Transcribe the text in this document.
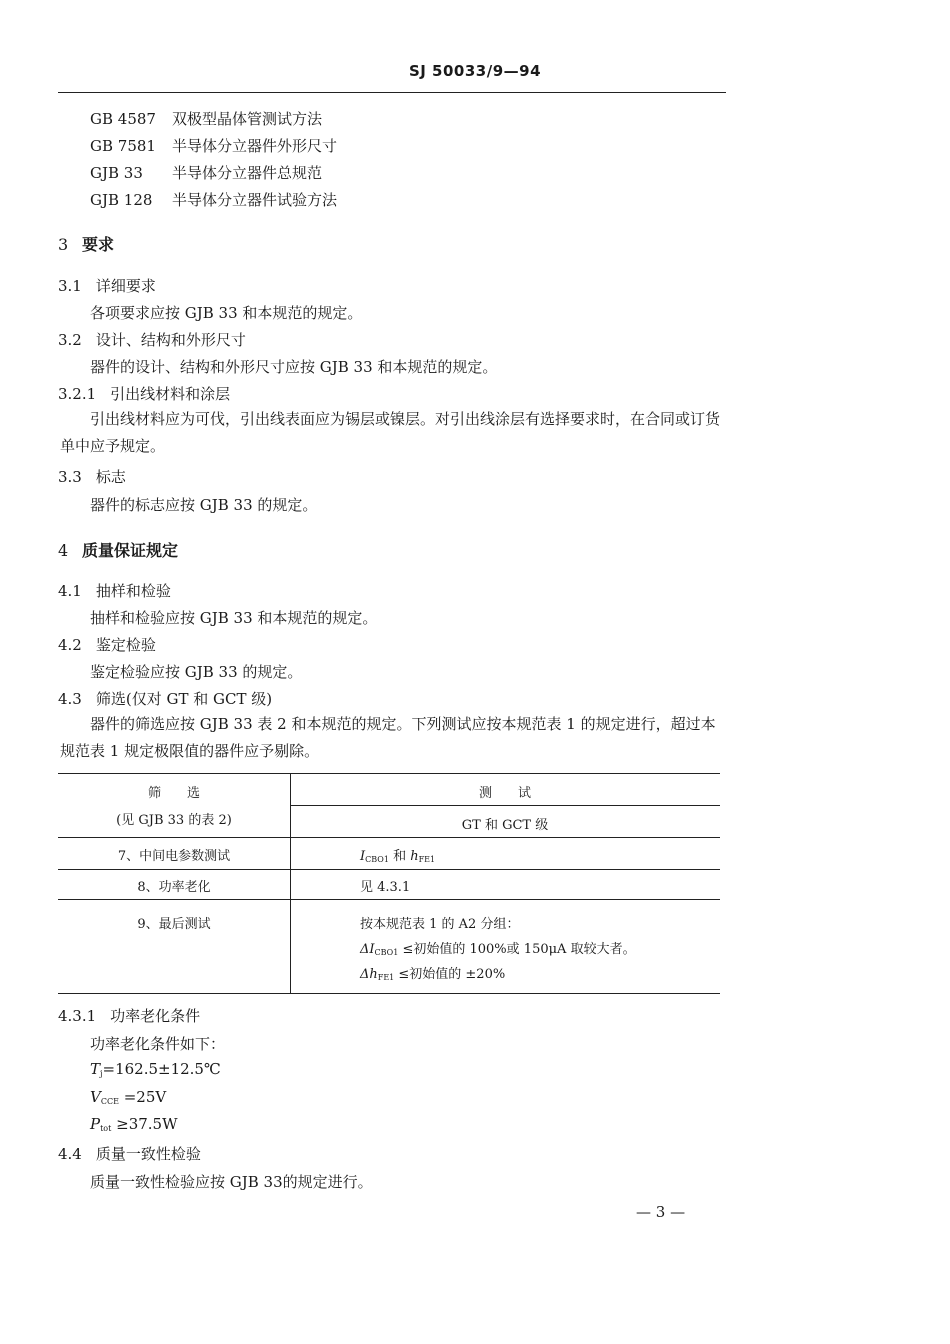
SJ 50033/9—94
GB 4587 双极型晶体管测试方法
GB 7581 半导体分立器件外形尺寸
GJB 33 半导体分立器件总规范
GJB 128 半导体分立器件试验方法
3 要求
3.1 详细要求
各项要求应按 GJB 33 和本规范的规定。
3.2 设计、结构和外形尺寸
器件的设计、结构和外形尺寸应按 GJB 33 和本规范的规定。
3.2.1 引出线材料和涂层
引出线材料应为可伐，引出线表面应为锡层或镍层。对引出线涂层有选择要求时，在合同或订货单中应予规定。
3.3 标志
器件的标志应按 GJB 33 的规定。
4 质量保证规定
4.1 抽样和检验
抽样和检验应按 GJB 33 和本规范的规定。
4.2 鉴定检验
鉴定检验应按 GJB 33 的规定。
4.3 筛选(仅对 GT 和 GCT 级)
器件的筛选应按 GJB 33 表 2 和本规范的规定。下列测试应按本规范表 1 的规定进行，超过本规范表 1 规定极限值的器件应予剔除。
筛　　选
(见 GJB 33 的表 2)
测　　试
GT 和 GCT 级
7、中间电参数测试	$I_{CBO1}$ 和 $h_{FE1}$
8、功率老化	见 4.3.1
9、最后测试	按本规范表 1 的 A2 分组：
$\Delta I_{CBO1}$ ≤初始值的 100%或 150μA 取较大者。
$\Delta h_{FE1}$ ≤初始值的 ±20%
4.3.1 功率老化条件
功率老化条件如下：
$T_j=162.5\pm 12.5℃$
$V_{CCE} =25V$
$P_{tot} \ge 37.5W$
4.4 质量一致性检验
质量一致性检验应按 GJB 33的规定进行。
— 3 —
